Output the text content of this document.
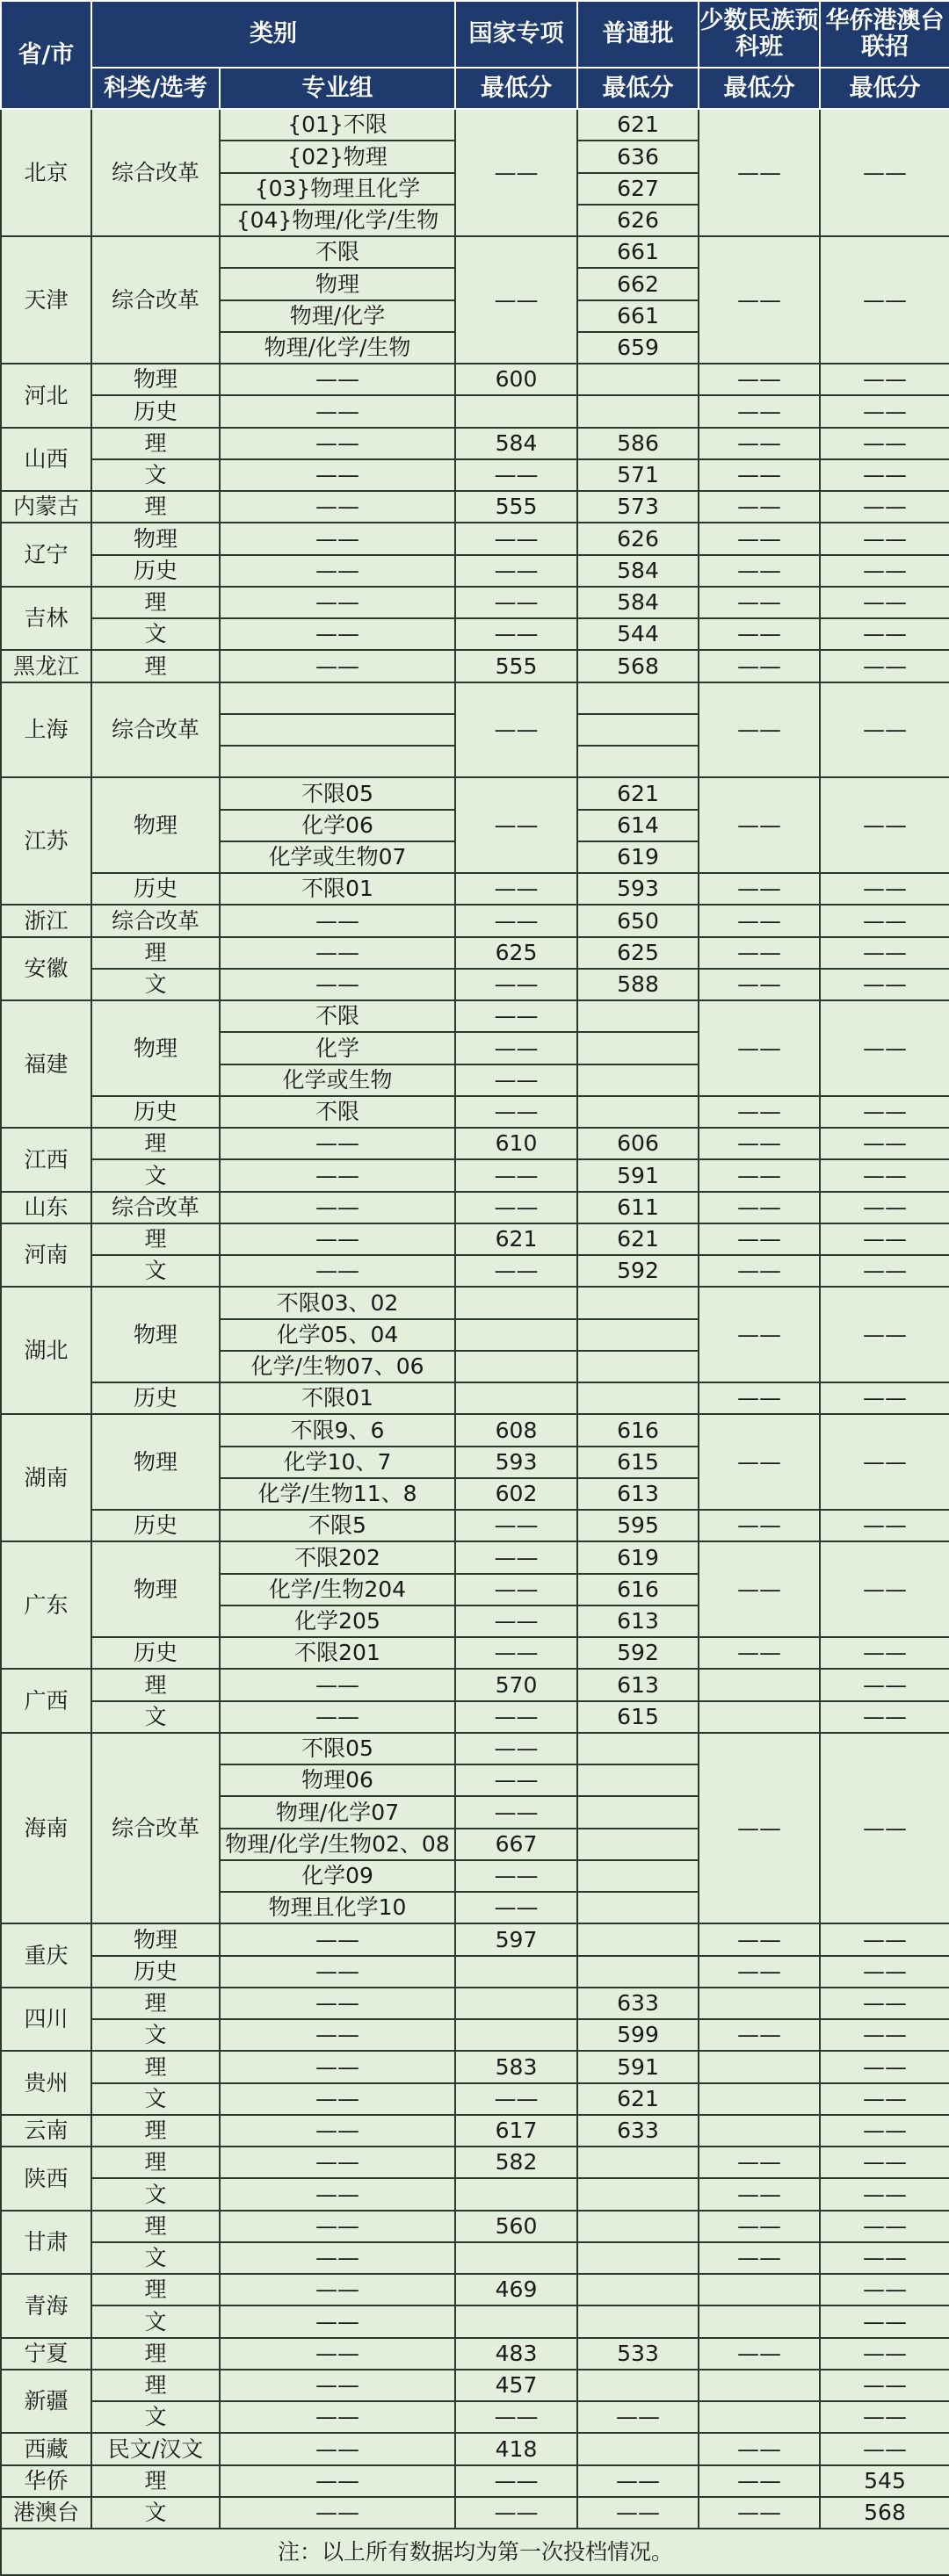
省/市	类别		国家专项	普通批	少数民族预科班	华侨港澳台联招
	科类/选考	专业组	最低分	最低分	最低分	最低分
北京	综合改革	{01}不限	——	621	——	——
		{02}物理		636		
		{03}物理且化学		627		
		{04}物理/化学/生物		626		
天津	综合改革	不限	——	661	——	——
		物理		662		
		物理/化学		661		
		物理/化学/生物		659		
河北	物理	——	600		——	——
	历史	——			——	——
山西	理	——	584	586	——	——
	文	——	——	571	——	——
内蒙古	理	——	555	573	——	——
辽宁	物理	——	——	626	——	——
	历史	——	——	584	——	——
吉林	理	——	——	584	——	——
	文	——	——	544	——	——
黑龙江	理	——	555	568	——	——
上海	综合改革		——		——	——

江苏	物理	不限05	——	621	——	——
		化学06		614		
		化学或生物07		619		
	历史	不限01	——	593	——	——
浙江	综合改革	——	——	650	——	——
安徽	理	——	625	625	——	——
	文	——	——	588	——	——
福建	物理	不限	——		——	——
		化学	——			
		化学或生物	——			
	历史	不限	——		——	——
江西	理	——	610	606	——	——
	文	——	——	591	——	——
山东	综合改革	——	——	611	——	——
河南	理	——	621	621	——	——
	文	——	——	592	——	——
湖北	物理	不限03、02			——	——
		化学05、04				
		化学/生物07、06				
	历史	不限01			——	——
湖南	物理	不限9、6	608	616	——	——
		化学10、7	593	615		
		化学/生物11、8	602	613		
	历史	不限5	——	595	——	——
广东	物理	不限202	——	619	——	——
		化学/生物204	——	616		
		化学205	——	613		
	历史	不限201	——	592	——	——
广西	理	——	570	613		——
	文	——	——	615		——
海南	综合改革	不限05	——		——	——
		物理06	——			
		物理/化学07	——			
		物理/化学/生物02、08	667			
		化学09	——			
		物理且化学10	——			
重庆	物理	——	597		——	——
	历史	——			——	——
四川	理	——		633		——
	文	——		599	——	——
贵州	理	——	583	591		——
	文	——	——	621		——
云南	理	——	617	633		——
陕西	理	——	582		——	——
	文	——			——	——
甘肃	理	——	560		——	——
	文	——			——	——
青海	理	——	469			——
	文	——				——
宁夏	理	——	483	533	——	——
新疆	理	——	457			——
	文	——	——	——		——
西藏	民文/汉文	——	418		——	——
华侨	理	——	——	——	——	545
港澳台	文	——	——	——	——	568
注：以上所有数据均为第一次投档情况。						
